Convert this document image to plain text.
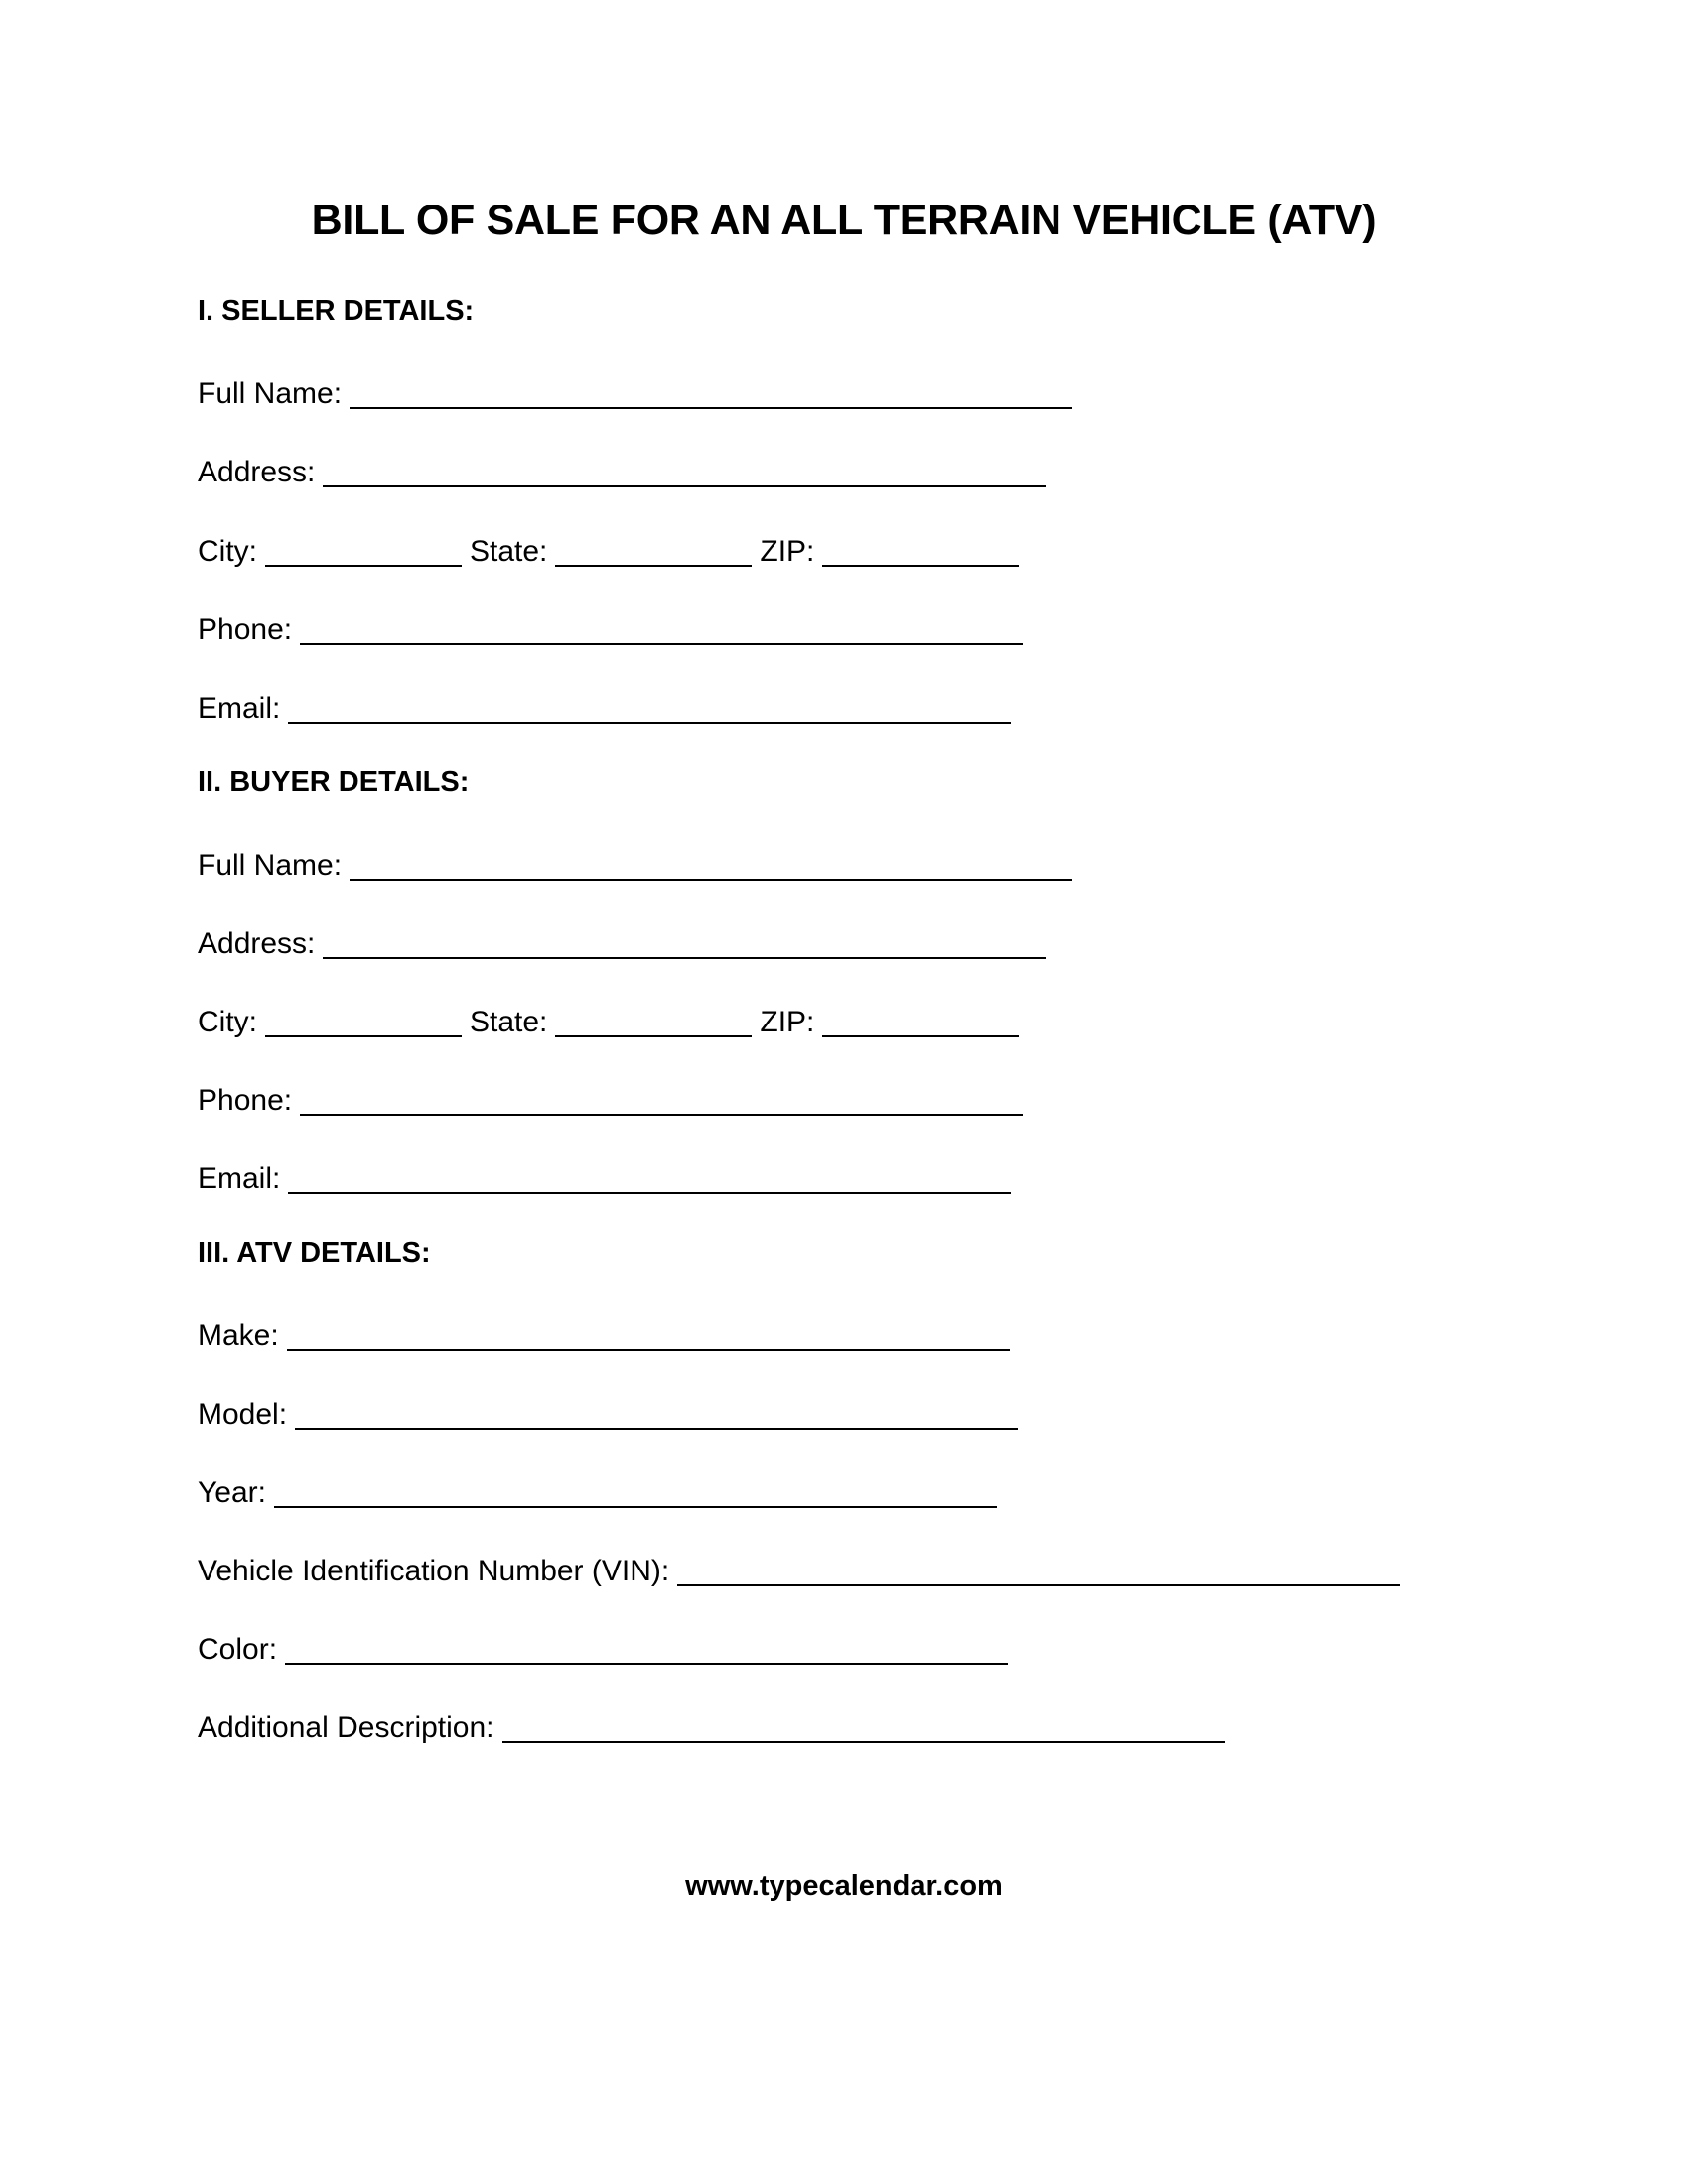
BILL OF SALE FOR AN ALL TERRAIN VEHICLE (ATV)
I. SELLER DETAILS:
Full Name:
Address:
City:	State:	ZIP:
Phone:
Email:
II. BUYER DETAILS:
Full Name:
Address:
City:	State:	ZIP:
Phone:
Email:
III. ATV DETAILS:
Make:
Model:
Year:
Vehicle Identification Number (VIN):
Color:
Additional Description:
www.typecalendar.com
